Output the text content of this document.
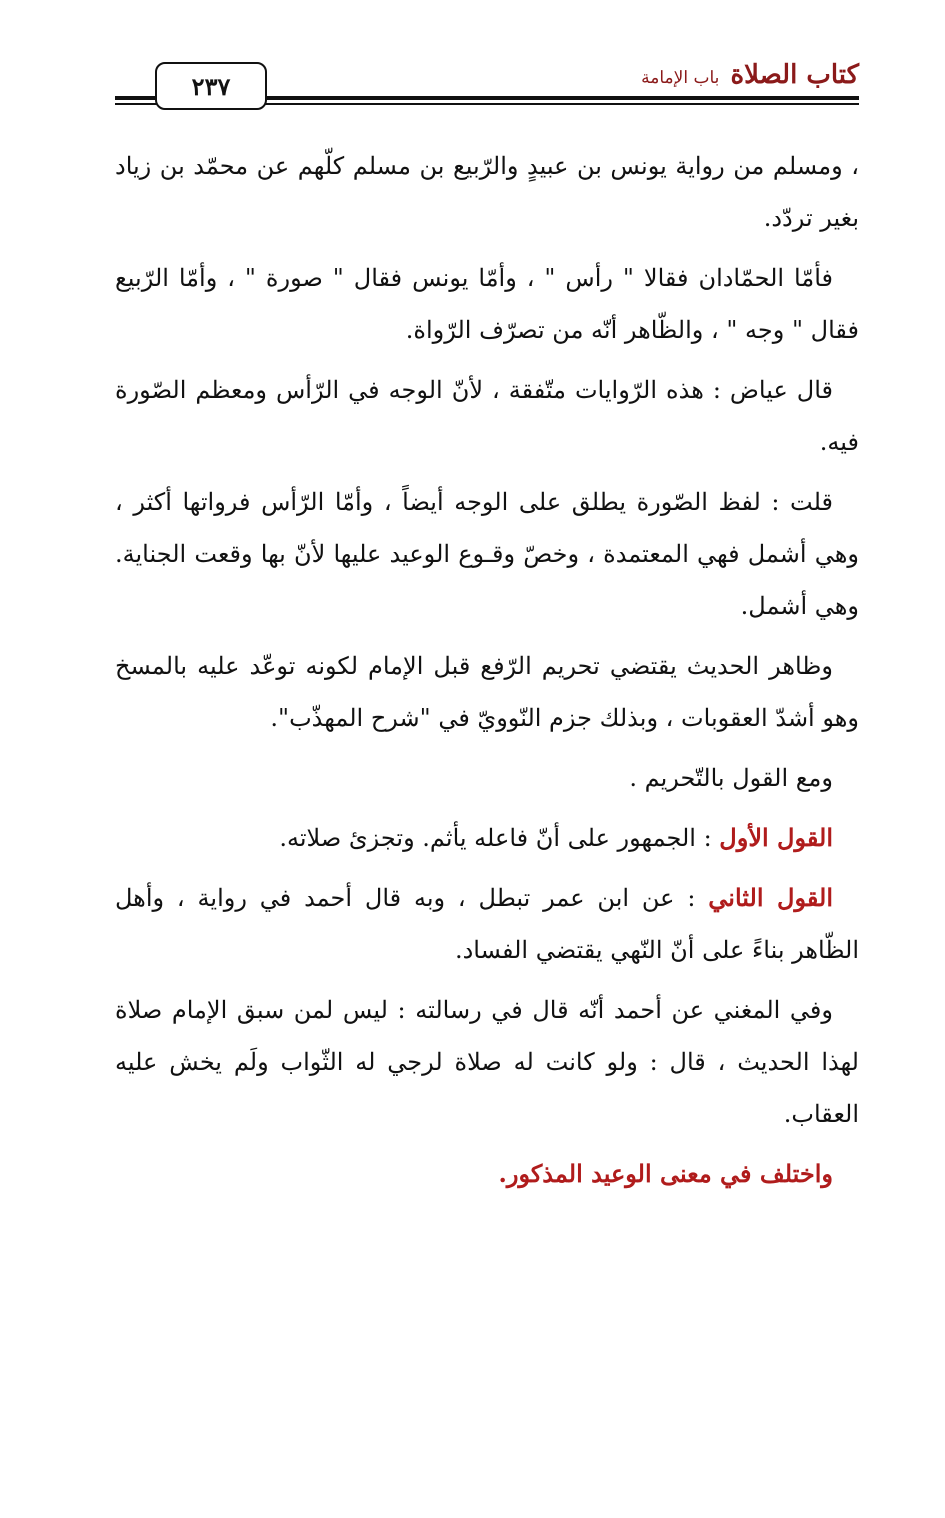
كتاب الصلاة باب الإمامة
٢٣٧

، ومسلم من رواية يونس بن عبيدٍ والرّبيع بن مسلم كلّهم عن محمّد بن زياد بغير تردّد.

فأمّا الحمّادان فقالا " رأس " ، وأمّا يونس فقال " صورة " ، وأمّا الرّبيع فقال " وجه " ، والظّاهر أنّه من تصرّف الرّواة.

قال عياض : هذه الرّوايات متّفقة ، لأنّ الوجه في الرّأس ومعظم الصّورة فيه.

قلت : لفظ الصّورة يطلق على الوجه أيضاً ، وأمّا الرّأس فرواتها أكثر ، وهي أشمل فهي المعتمدة ، وخصّ وقـوع الوعيد عليها لأنّ بها وقعت الجناية. وهي أشمل.

وظاهر الحديث يقتضي تحريم الرّفع قبل الإمام لكونه توعّد عليه بالمسخ وهو أشدّ العقوبات ، وبذلك جزم النّوويّ في "شرح المهذّب".

ومع القول بالتّحريم .

القول الأول : الجمهور على أنّ فاعله يأثم. وتجزئ صلاته.

القول الثاني : عن ابن عمر تبطل ، وبه قال أحمد في رواية ، وأهل الظّاهر بناءً على أنّ النّهي يقتضي الفساد.

وفي المغني عن أحمد أنّه قال في رسالته : ليس لمن سبق الإمام صلاة لهذا الحديث ، قال : ولو كانت له صلاة لرجي له الثّواب ولَم يخش عليه العقاب.

واختلف في معنى الوعيد المذكور.
